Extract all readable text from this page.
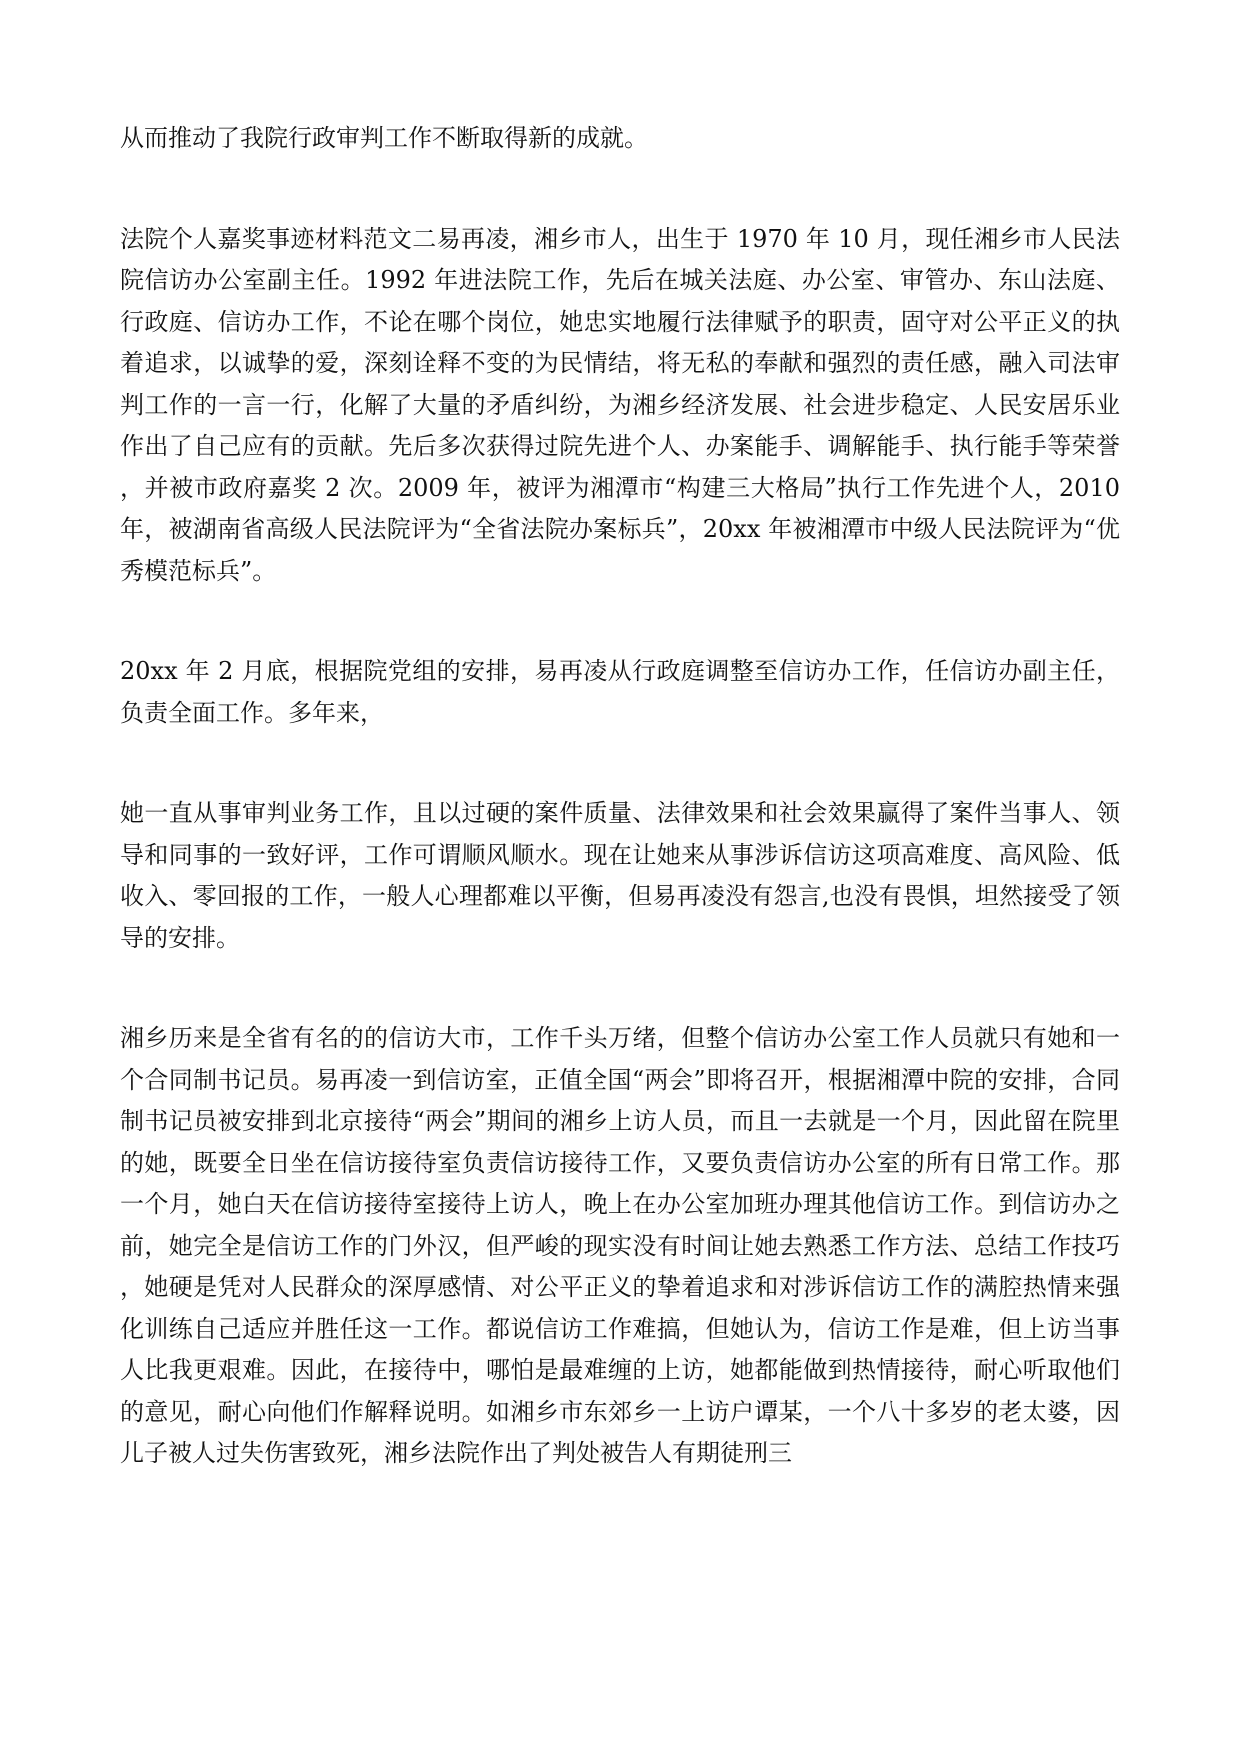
从而推动了我院行政审判工作不断取得新的成就。

法院个人嘉奖事迹材料范文二易再凌，湘乡市人，出生于 1970 年 10 月，现任湘乡市人民法院信访办公室副主任。1992 年进法院工作，先后在城关法庭、办公室、审管办、东山法庭、行政庭、信访办工作，不论在哪个岗位，她忠实地履行法律赋予的职责，固守对公平正义的执着追求，以诚挚的爱，深刻诠释不变的为民情结，将无私的奉献和强烈的责任感，融入司法审判工作的一言一行，化解了大量的矛盾纠纷，为湘乡经济发展、社会进步稳定、人民安居乐业作出了自己应有的贡献。先后多次获得过院先进个人、办案能手、调解能手、执行能手等荣誉，并被市政府嘉奖 2 次。2009 年，被评为湘潭市“构建三大格局”执行工作先进个人，2010 年，被湖南省高级人民法院评为“全省法院办案标兵”，20xx 年被湘潭市中级人民法院评为“优秀模范标兵”。

20xx 年 2 月底，根据院党组的安排，易再凌从行政庭调整至信访办工作，任信访办副主任，负责全面工作。多年来，

她一直从事审判业务工作，且以过硬的案件质量、法律效果和社会效果赢得了案件当事人、领导和同事的一致好评，工作可谓顺风顺水。现在让她来从事涉诉信访这项高难度、高风险、低收入、零回报的工作，一般人心理都难以平衡，但易再凌没有怨言,也没有畏惧，坦然接受了领导的安排。

湘乡历来是全省有名的的信访大市，工作千头万绪，但整个信访办公室工作人员就只有她和一个合同制书记员。易再凌一到信访室，正值全国“两会”即将召开，根据湘潭中院的安排，合同制书记员被安排到北京接待“两会”期间的湘乡上访人员，而且一去就是一个月，因此留在院里的她，既要全日坐在信访接待室负责信访接待工作，又要负责信访办公室的所有日常工作。那一个月，她白天在信访接待室接待上访人，晚上在办公室加班办理其他信访工作。到信访办之前，她完全是信访工作的门外汉，但严峻的现实没有时间让她去熟悉工作方法、总结工作技巧，她硬是凭对人民群众的深厚感情、对公平正义的挚着追求和对涉诉信访工作的满腔热情来强化训练自己适应并胜任这一工作。都说信访工作难搞，但她认为，信访工作是难，但上访当事人比我更艰难。因此，在接待中，哪怕是最难缠的上访，她都能做到热情接待，耐心听取他们的意见，耐心向他们作解释说明。如湘乡市东郊乡一上访户谭某，一个八十多岁的老太婆，因儿子被人过失伤害致死，湘乡法院作出了判处被告人有期徒刑三
